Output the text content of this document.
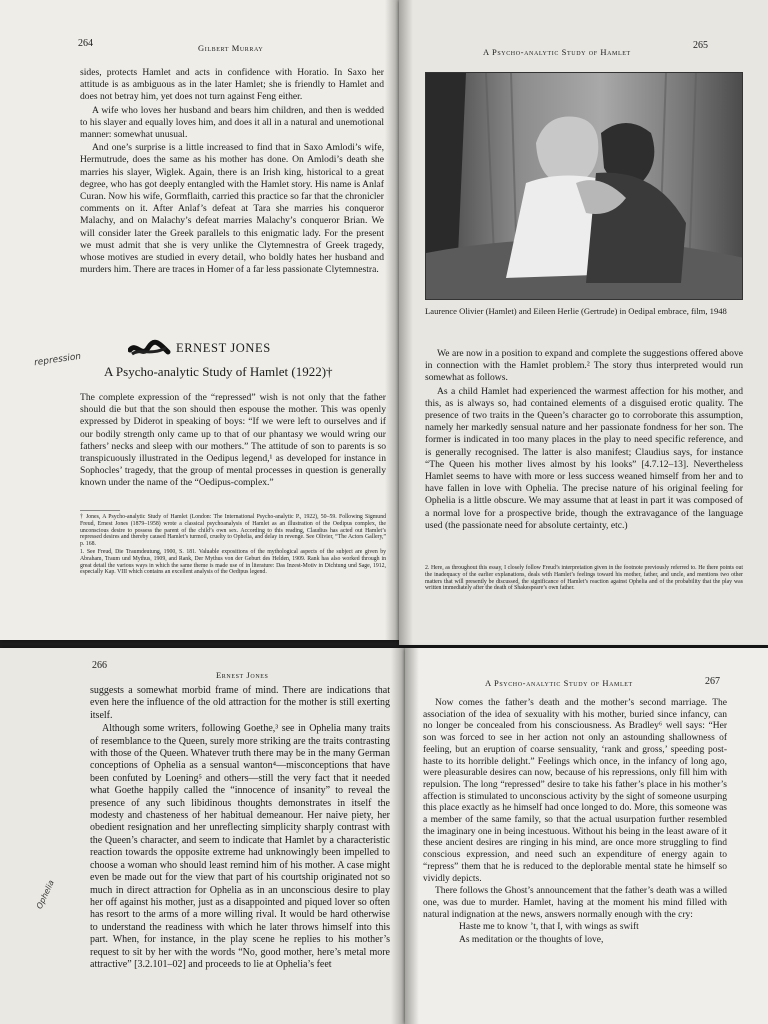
264	Gilbert Murray

sides, protects Hamlet and acts in confidence with Horatio. In Saxo her attitude is as ambiguous as in the later Hamlet; she is friendly to Hamlet and does not betray him, yet does not turn against Feng either.

A wife who loves her husband and bears him children, and then is wedded to his slayer and equally loves him, and does it all in a natural and unemotional manner: somewhat unusual.

And one’s surprise is a little increased to find that in Saxo Amlodi’s wife, Hermutrude, does the same as his mother has done. On Amlodi’s death she marries his slayer, Wiglek. Again, there is an Irish king, historical to a great degree, who has got deeply entangled with the Hamlet story. His name is Anlaf Curan. Now his wife, Gormflaith, carried this practice so far that the chronicler comments on it. After Anlaf’s defeat at Tara she marries his conqueror Malachy, and on Malachy’s defeat marries Malachy’s conqueror Brian. We will consider later the Greek parallels to this enigmatic lady. For the present we must admit that she is very unlike the Clytemnestra of Greek tragedy, whose motives are studied in every detail, who boldly hates her husband and murders him. There are traces in Homer of a far less passionate Clytemnestra.

repression
ERNEST JONES
A Psycho-analytic Study of Hamlet (1922)†

The complete expression of the “repressed” wish is not only that the father should die but that the son should then espouse the mother. This was openly expressed by Diderot in speaking of boys: “If we were left to ourselves and if our bodily strength only came up to that of our phantasy we would wring our fathers’ necks and sleep with our mothers.” The attitude of son to parents is so transpicuously illustrated in the Oedipus legend,¹ as developed for instance in Sophocles’ tragedy, that the group of mental processes in question is generally known under the name of the “Oedipus-complex.”

† Jones, A Psycho-analytic Study of Hamlet (London: The International Psycho-analytic P., 1922), 50–59. Following Sigmund Freud, Ernest Jones (1879–1958) wrote a classical psychoanalysis of Hamlet as an illustration of the Oedipus complex, the unconscious desire to possess the parent of the child’s own sex. According to this reading, Claudius has acted out Hamlet’s repressed desires and thereby caused Hamlet’s turmoil, cruelty to Ophelia, and delay in revenge. See Olivier, “The Actors Gallery,” p. 168.

1. See Freud, Die Traumdeutung, 1900, S. 181. Valuable expositions of the mythological aspects of the subject are given by Abraham, Traum und Mythus, 1909, and Rank, Der Mythus von der Geburt des Helden, 1909. Rank has also worked through in great detail the various ways in which the same theme is made use of in literature: Das Inzest-Motiv in Dichtung und Sage, 1912, especially Kap. VIII which contains an excellent analysis of the Oedipus legend.

A Psycho-analytic Study of Hamlet
265
Laurence Olivier (Hamlet) and Eileen Herlie (Gertrude) in Oedipal embrace, film, 1948

We are now in a position to expand and complete the suggestions offered above in connection with the Hamlet problem.² The story thus interpreted would run somewhat as follows.

As a child Hamlet had experienced the warmest affection for his mother, and this, as is always so, had contained elements of a disguised erotic quality. The presence of two traits in the Queen’s character go to corroborate this assumption, namely her markedly sensual nature and her passionate fondness for her son. The former is indicated in too many places in the play to need specific reference, and is generally recognised. The latter is also manifest; Claudius says, for instance “The Queen his mother lives almost by his looks” [4.7.12–13]. Nevertheless Hamlet seems to have with more or less success weaned himself from her and to have fallen in love with Ophelia. The precise nature of his original feeling for Ophelia is a little obscure. We may assume that at least in part it was composed of a normal love for a prospective bride, though the extravagance of the language used (the passionate need for absolute certainty, etc.)

2. Here, as throughout this essay, I closely follow Freud’s interpretation given in the footnote previously referred to. He there points out the inadequacy of the earlier explanations, deals with Hamlet’s feelings toward his mother, father, and uncle, and mentions two other matters that will presently be discussed, the significance of Hamlet’s reaction against Ophelia and of the probability that the play was written immediately after the death of Shakespeare’s own father.

266
Ernest Jones
Ophelia

suggests a somewhat morbid frame of mind. There are indications that even here the influence of the old attraction for the mother is still exerting itself.

Although some writers, following Goethe,³ see in Ophelia many traits of resemblance to the Queen, surely more striking are the traits contrasting with those of the Queen. Whatever truth there may be in the many German conceptions of Ophelia as a sensual wanton⁴—misconceptions that have been confuted by Loening⁵ and others—still the very fact that it needed what Goethe happily called the “innocence of insanity” to reveal the presence of any such libidinous thoughts demonstrates in itself the modesty and chasteness of her habitual demeanour. Her naive piety, her obedient resignation and her unreflecting simplicity sharply contrast with the Queen’s character, and seem to indicate that Hamlet by a characteristic reaction towards the opposite extreme had unknowingly been impelled to choose a woman who should least remind him of his mother. A case might even be made out for the view that part of his courtship originated not so much in direct attraction for Ophelia as in an unconscious desire to play her off against his mother, just as a disappointed and piqued lover so often has resort to the arms of a more willing rival. It would be hard otherwise to understand the readiness with which he later throws himself into this part. When, for instance, in the play scene he replies to his mother’s request to sit by her with the words “No, good mother, here’s metal more attractive” [3.2.101–02] and proceeds to lie at Ophelia’s feet

A Psycho-analytic Study of Hamlet	267

Now comes the father’s death and the mother’s second marriage. The association of the idea of sexuality with his mother, buried since infancy, can no longer be concealed from his consciousness. As Bradley⁶ well says: “Her son was forced to see in her action not only an astounding shallowness of feeling, but an eruption of coarse sensuality, ‘rank and gross,’ speeding post-haste to its horrible delight.” Feelings which once, in the infancy of long ago, were pleasurable desires can now, because of his repressions, only fill him with repulsion. The long “repressed” desire to take his father’s place in his mother’s affection is stimulated to unconscious activity by the sight of someone usurping this place exactly as he himself had once longed to do. More, this someone was a member of the same family, so that the actual usurpation further resembled the imaginary one in being incestuous. Without his being in the least aware of it these ancient desires are ringing in his mind, are once more struggling to find conscious expression, and need such an expenditure of energy again to “repress” them that he is reduced to the deplorable mental state he himself so vividly depicts.

There follows the Ghost’s announcement that the father’s death was a willed one, was due to murder. Hamlet, having at the moment his mind filled with natural indignation at the news, answers normally enough with the cry:

Haste me to know ’t, that I, with wings as swift

As meditation or the thoughts of love,
